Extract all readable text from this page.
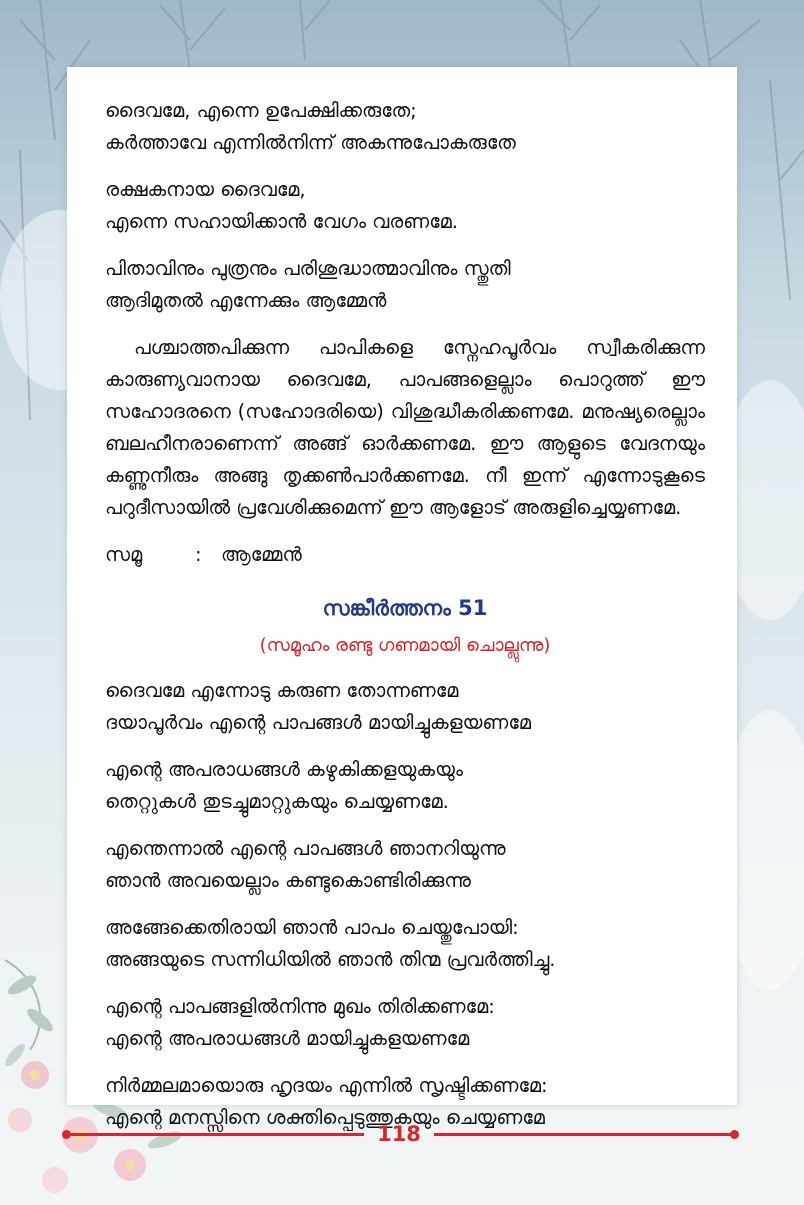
ദൈവമേ, എന്നെ ഉപേക്ഷിക്കരുതേ;
കർത്താവേ എന്നിൽനിന്ന് അകന്നുപോകരുതേ
രക്ഷകനായ ദൈവമേ,
എന്നെ സഹായിക്കാൻ വേഗം വരണമേ.
പിതാവിനും പുത്രനും പരിശുദ്ധാത്മാവിനും സ്തുതി
ആദിമുതൽ എന്നേക്കും ആമ്മേൻ

പശ്ചാത്തപിക്കുന്ന പാപികളെ സ്നേഹപൂർവം സ്വീകരിക്കുന്ന കാരുണ്യവാനായ ദൈവമേ, പാപങ്ങളെല്ലാം പൊറുത്ത് ഈ സഹോദരനെ (സഹോദരിയെ) വിശുദ്ധീകരിക്കണമേ. മനുഷ്യരെല്ലാം ബലഹീനരാണെന്ന് അങ്ങ് ഓർക്കണമേ. ഈ ആളുടെ വേദനയും കണ്ണുനീരും അങ്ങു തൃക്കൺപാർക്കണമേ. നീ ഇന്ന് എന്നോടുകൂടെ പറുദീസായിൽ പ്രവേശിക്കുമെന്ന് ഈ ആളോട് അരുളിച്ചെയ്യണമേ.

സമൂ	: ആമ്മേൻ
സങ്കീർത്തനം 51
(സമൂഹം രണ്ടു ഗണമായി ചൊല്ലുന്നു)
ദൈവമേ എന്നോടു കരുണ തോന്നണമേ
ദയാപൂർവം എന്റെ പാപങ്ങൾ മായിച്ചുകളയണമേ
എന്റെ അപരാധങ്ങൾ കഴുകിക്കളയുകയും
തെറ്റുകൾ തുടച്ചുമാറ്റുകയും ചെയ്യണമേ.
എന്തെന്നാൽ എന്റെ പാപങ്ങൾ ഞാനറിയുന്നു
ഞാൻ അവയെല്ലാം കണ്ടുകൊണ്ടിരിക്കുന്നു
അങ്ങേക്കെതിരായി ഞാൻ പാപം ചെയ്തുപോയി:
അങ്ങയുടെ സന്നിധിയിൽ ഞാൻ തിന്മ പ്രവർത്തിച്ചു.
എന്റെ പാപങ്ങളിൽനിന്നു മുഖം തിരിക്കണമേ:
എന്റെ അപരാധങ്ങൾ മായിച്ചുകളയണമേ
നിർമ്മലമായൊരു ഹൃദയം എന്നിൽ സൃഷ്ടിക്കണമേ:
എന്റെ മനസ്സിനെ ശക്തിപ്പെടുത്തുകയും ചെയ്യണമേ
118
